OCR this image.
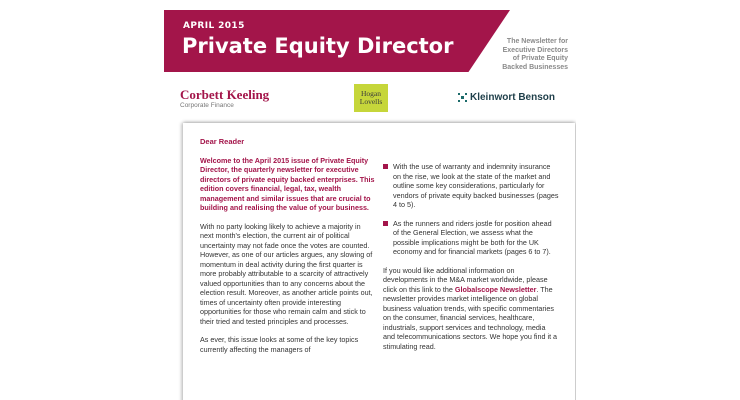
APRIL 2015
Private Equity Director	The Newsletter for
Executive Directors
of Private Equity
Backed Businesses
Corbett Keeling
Corporate Finance
Hogan
Lovells	Kleinwort Benson
Dear Reader
Welcome to the April 2015 issue of Private Equity Director, the quarterly newsletter for executive directors of private equity backed enterprises. This edition covers financial, legal, tax, wealth management and similar issues that are crucial to building and realising the value of your business.

With no party looking likely to achieve a majority in next month's election, the current air of political uncertainty may not fade once the votes are counted. However, as one of our articles argues, any slowing of momentum in deal activity during the first quarter is more probably attributable to a scarcity of attractively valued opportunities than to any concerns about the election result. Moreover, as another article points out, times of uncertainty often provide interesting opportunities for those who remain calm and stick to their tried and tested principles and processes.

As ever, this issue looks at some of the key topics currently affecting the managers of

With the use of warranty and indemnity insurance on the rise, we look at the state of the market and outline some key considerations, particularly for vendors of private equity backed businesses (pages 4 to 5).
As the runners and riders jostle for position ahead of the General Election, we assess what the possible implications might be both for the UK economy and for financial markets (pages 6 to 7).

If you would like additional information on developments in the M&A market worldwide, please click on this link to the Globalscope Newsletter. The newsletter provides market intelligence on global business valuation trends, with specific commentaries on the consumer, financial services, healthcare, industrials, support services and technology, media and telecommunications sectors. We hope you find it a stimulating read.
